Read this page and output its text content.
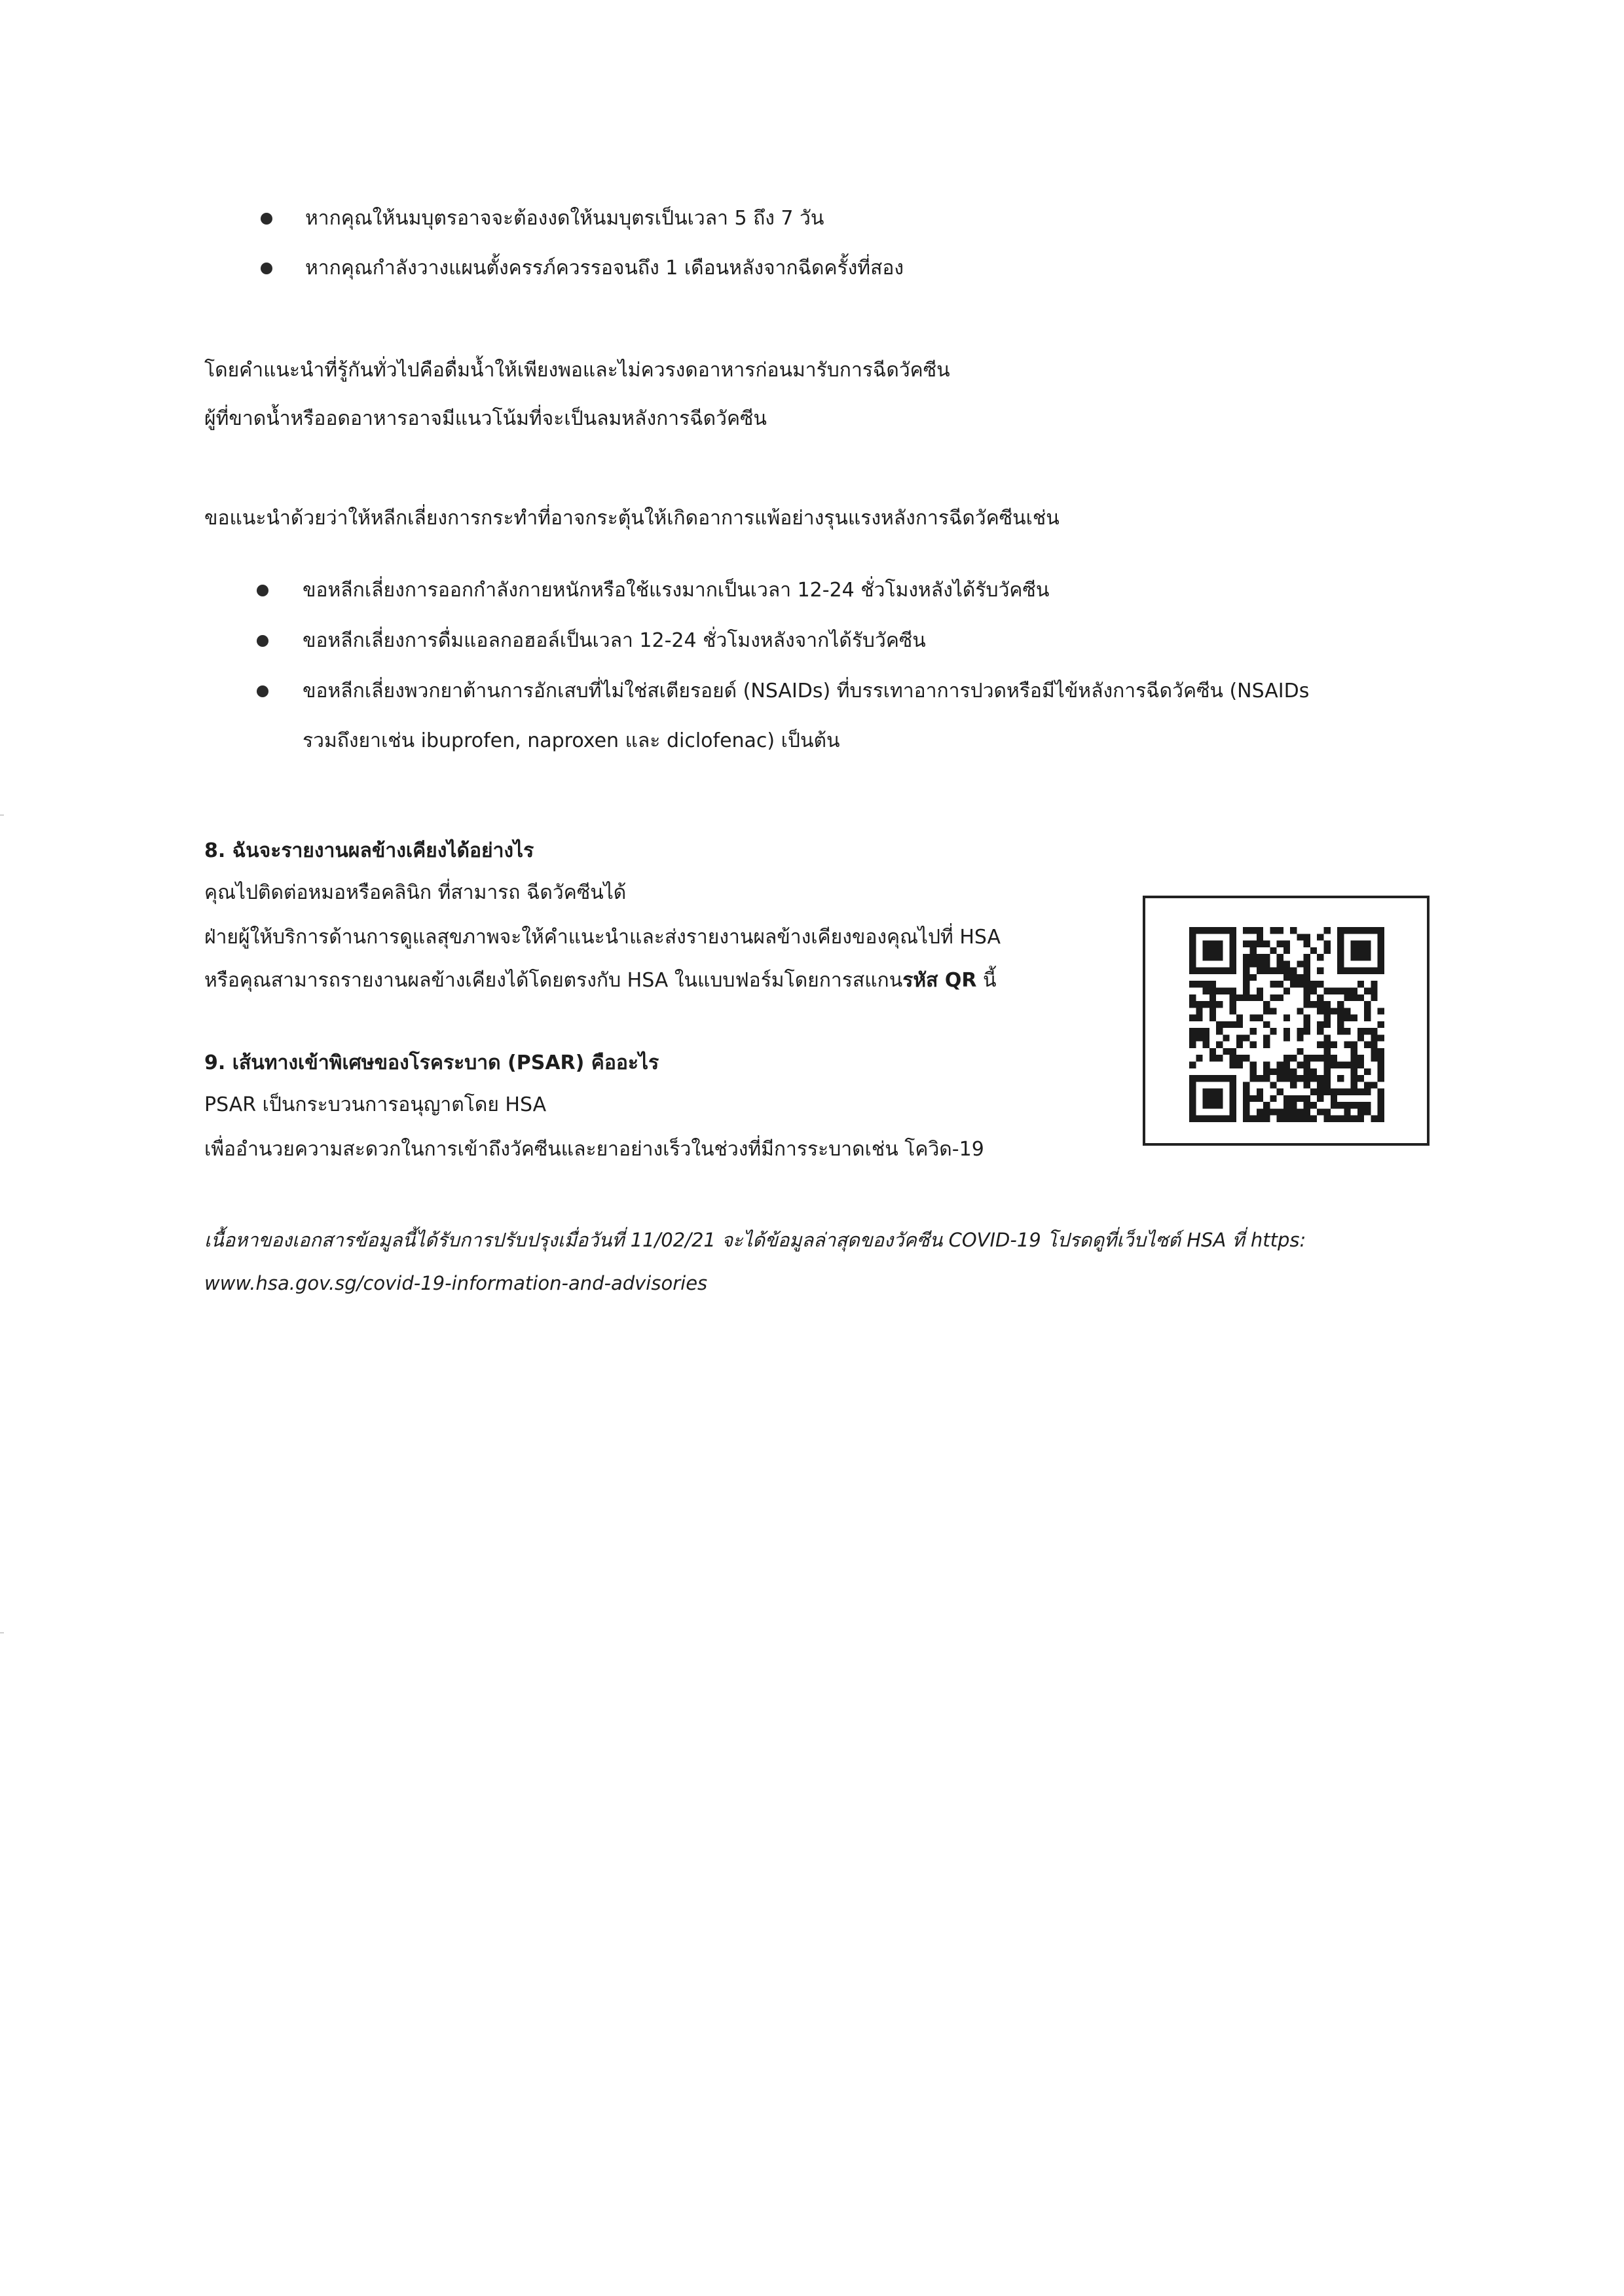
หากคุณให้นมบุตรอาจจะต้องงดให้นมบุตรเป็นเวลา 5 ถึง 7 วัน
หากคุณกำลังวางแผนตั้งครรภ์ควรรอจนถึง 1 เดือนหลังจากฉีดครั้งที่สอง
โดยคำแนะนำที่รู้กันทั่วไปคือดื่มน้ำให้เพียงพอและไม่ควรงดอาหารก่อนมารับการฉีดวัคซีน
ผู้ที่ขาดน้ำหรืออดอาหารอาจมีแนวโน้มที่จะเป็นลมหลังการฉีดวัคซีน
ขอแนะนำด้วยว่าให้หลีกเลี่ยงการกระทำที่อาจกระตุ้นให้เกิดอาการแพ้อย่างรุนแรงหลังการฉีดวัคซีนเช่น
ขอหลีกเลี่ยงการออกกำลังกายหนักหรือใช้แรงมากเป็นเวลา 12-24 ชั่วโมงหลังได้รับวัคซีน
ขอหลีกเลี่ยงการดื่มแอลกอฮอล์เป็นเวลา 12-24 ชั่วโมงหลังจากได้รับวัคซีน
ขอหลีกเลี่ยงพวกยาต้านการอักเสบที่ไม่ใช่สเตียรอยด์ (NSAIDs) ที่บรรเทาอาการปวดหรือมีไข้หลังการฉีดวัคซีน (NSAIDs
รวมถึงยาเช่น ibuprofen, naproxen และ diclofenac) เป็นต้น
8. ฉันจะรายงานผลข้างเคียงได้อย่างไร
คุณไปติดต่อหมอหรือคลินิก ที่สามารถ ฉีดวัคซีนได้
ฝ่ายผู้ให้บริการด้านการดูแลสุขภาพจะให้คำแนะนำและส่งรายงานผลข้างเคียงของคุณไปที่ HSA
หรือคุณสามารถรายงานผลข้างเคียงได้โดยตรงกับ HSA ในแบบฟอร์มโดยการสแกนรหัส QR นี้
9. เส้นทางเข้าพิเศษของโรคระบาด (PSAR) คืออะไร
PSAR เป็นกระบวนการอนุญาตโดย HSA
เพื่ออำนวยความสะดวกในการเข้าถึงวัคซีนและยาอย่างเร็วในช่วงที่มีการระบาดเช่น โควิด-19
เนื้อหาของเอกสารข้อมูลนี้ได้รับการปรับปรุงเมื่อวันที่ 11/02/21 จะได้ข้อมูลล่าสุดของวัคซีน COVID-19 โปรดดูที่เว็บไซต์ HSA ที่ https:
www.hsa.gov.sg/covid-19-information-and-advisories
